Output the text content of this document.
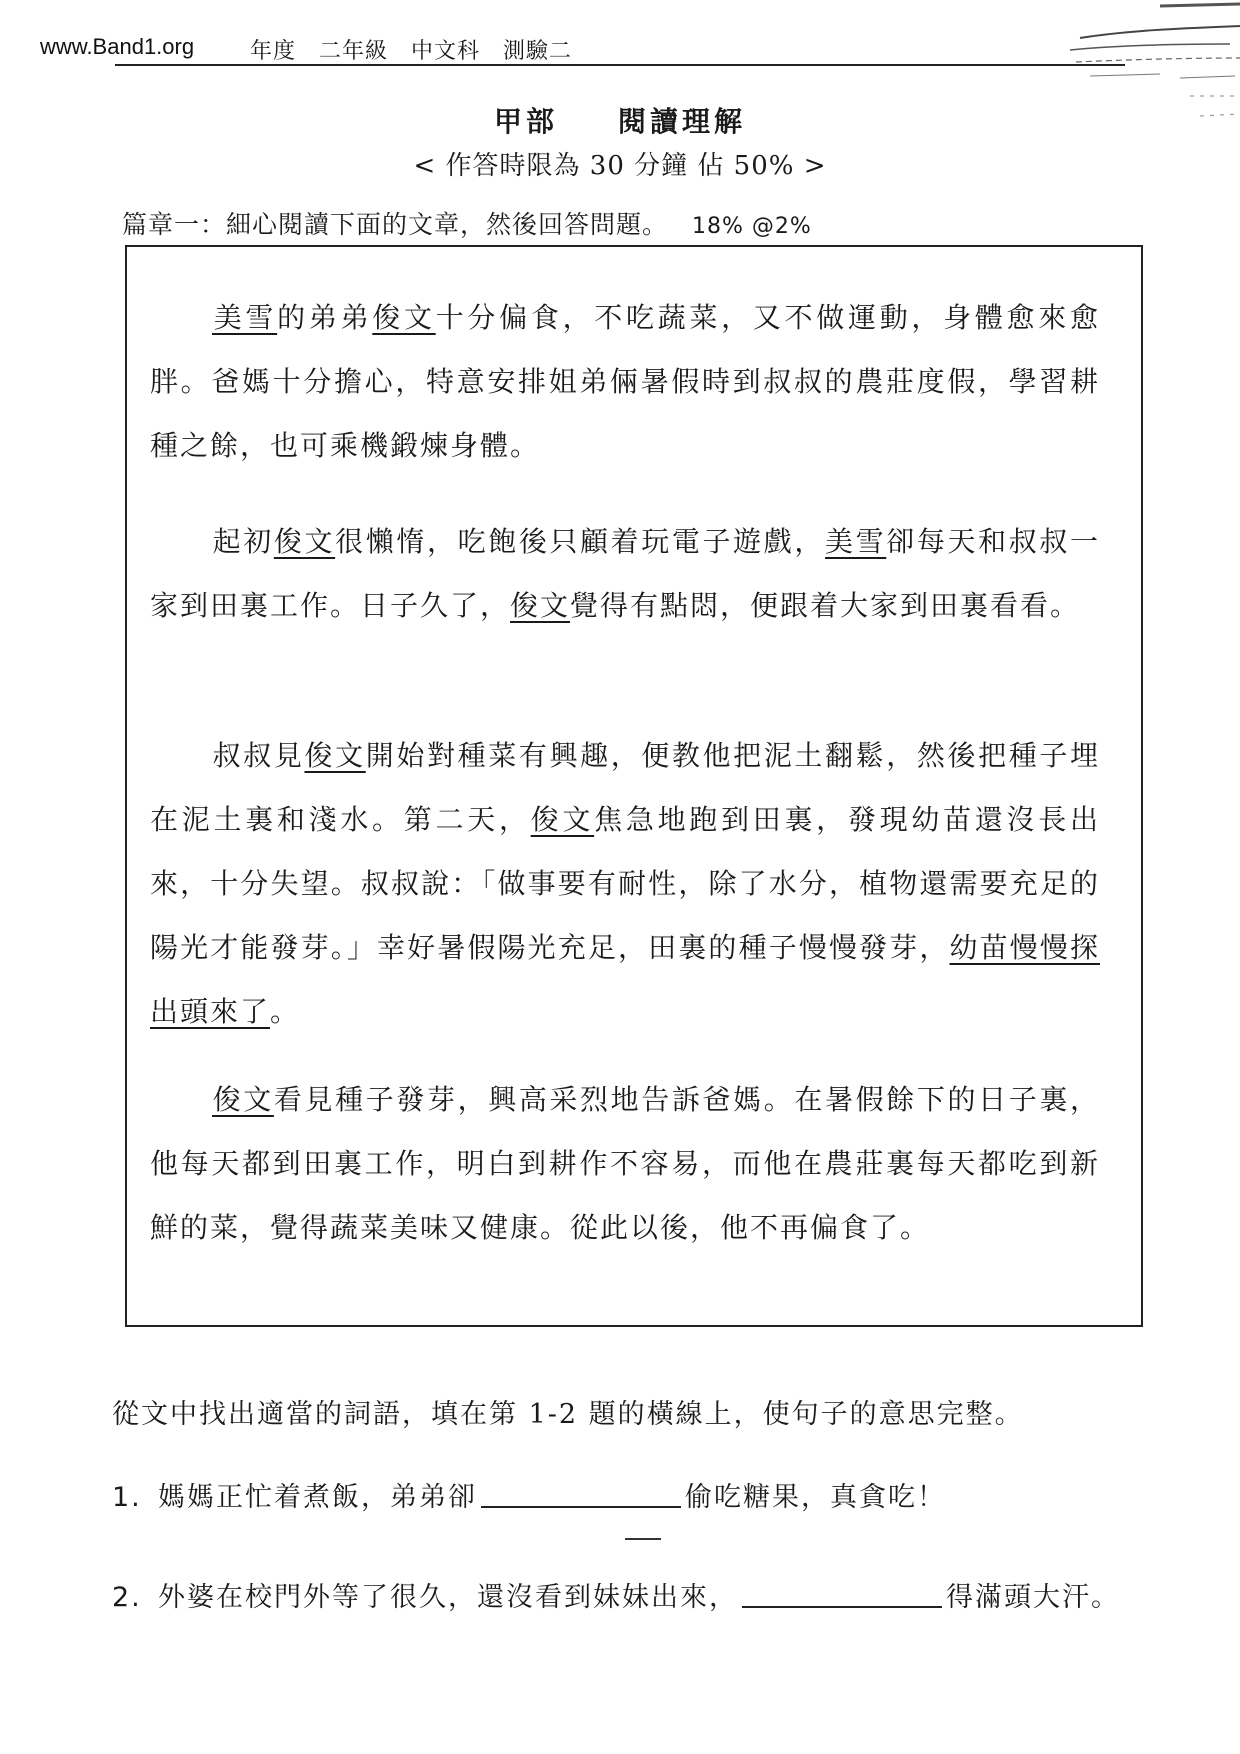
www.Band1.org	年度　二年級　中文科　測驗二
甲部 閱讀理解
< 作答時限為 30 分鐘 佔 50% >
篇章一：細心閱讀下面的文章，然後回答問題。 18% @2%
美雪的弟弟俊文十分偏食，不吃蔬菜，又不做運動，身體愈來愈胖。爸媽十分擔心，特意安排姐弟倆暑假時到叔叔的農莊度假，學習耕種之餘，也可乘機鍛煉身體。
起初俊文很懶惰，吃飽後只顧着玩電子遊戲，美雪卻每天和叔叔一家到田裏工作。日子久了，俊文覺得有點悶，便跟着大家到田裏看看。
叔叔見俊文開始對種菜有興趣，便教他把泥土翻鬆，然後把種子埋在泥土裏和淺水。第二天，俊文焦急地跑到田裏，發現幼苗還沒長出來，十分失望。叔叔說：「做事要有耐性，除了水分，植物還需要充足的陽光才能發芽。」幸好暑假陽光充足，田裏的種子慢慢發芽，幼苗慢慢探出頭來了。
俊文看見種子發芽，興高采烈地告訴爸媽。在暑假餘下的日子裏，他每天都到田裏工作，明白到耕作不容易，而他在農莊裏每天都吃到新鮮的菜，覺得蔬菜美味又健康。從此以後，他不再偏食了。
從文中找出適當的詞語，填在第 1-2 題的橫線上，使句子的意思完整。
1. 媽媽正忙着煮飯，弟弟卻	偷吃糖果，真貪吃！
2. 外婆在校門外等了很久，還沒看到妹妹出來，	得滿頭大汗。
